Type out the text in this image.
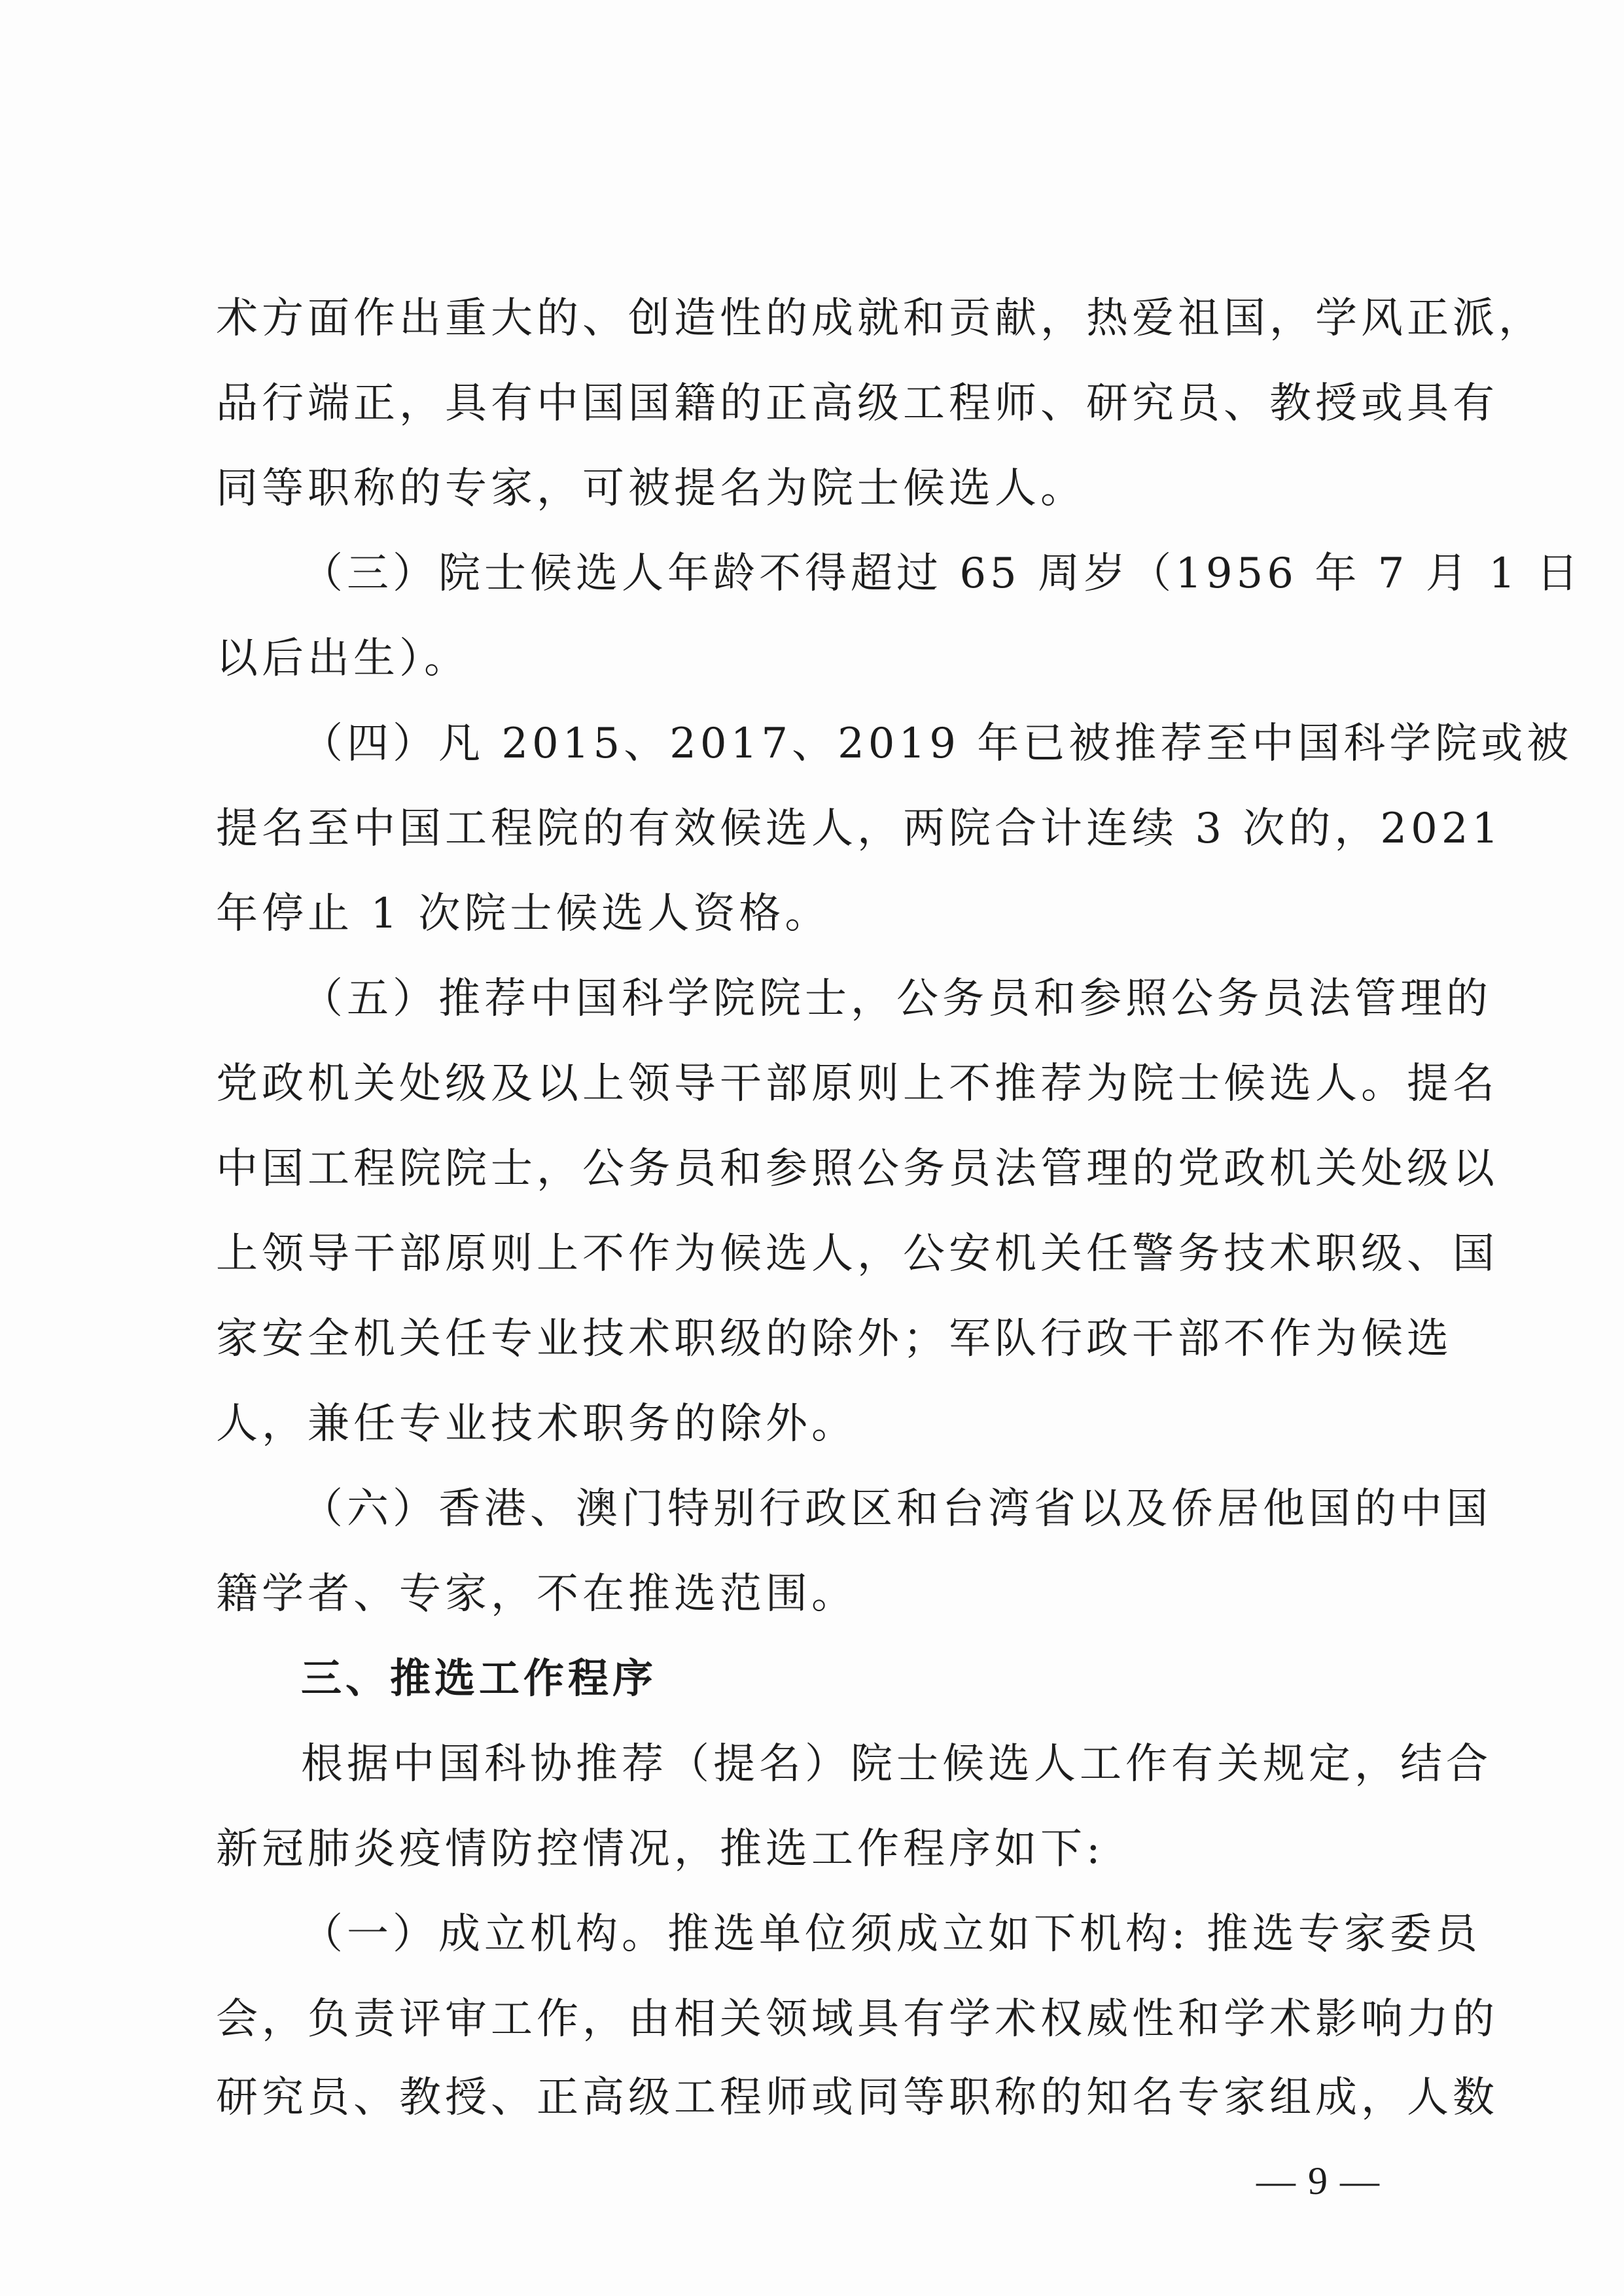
术方面作出重大的、创造性的成就和贡献，热爱祖国，学风正派，
品行端正，具有中国国籍的正高级工程师、研究员、教授或具有
同等职称的专家，可被提名为院士候选人。
（三）院士候选人年龄不得超过 65 周岁（1956 年 7 月 1 日
以后出生）。
（四）凡 2015、2017、2019 年已被推荐至中国科学院或被
提名至中国工程院的有效候选人，两院合计连续 3 次的，2021
年停止 1 次院士候选人资格。
（五）推荐中国科学院院士，公务员和参照公务员法管理的
党政机关处级及以上领导干部原则上不推荐为院士候选人。提名
中国工程院院士，公务员和参照公务员法管理的党政机关处级以
上领导干部原则上不作为候选人，公安机关任警务技术职级、国
家安全机关任专业技术职级的除外；军队行政干部不作为候选
人，兼任专业技术职务的除外。
（六）香港、澳门特别行政区和台湾省以及侨居他国的中国
籍学者、专家，不在推选范围。
三、推选工作程序
根据中国科协推荐（提名）院士候选人工作有关规定，结合
新冠肺炎疫情防控情况，推选工作程序如下:
（一）成立机构。推选单位须成立如下机构: 推选专家委员
会，负责评审工作，由相关领域具有学术权威性和学术影响力的
研究员、教授、正高级工程师或同等职称的知名专家组成，人数
— 9 —
